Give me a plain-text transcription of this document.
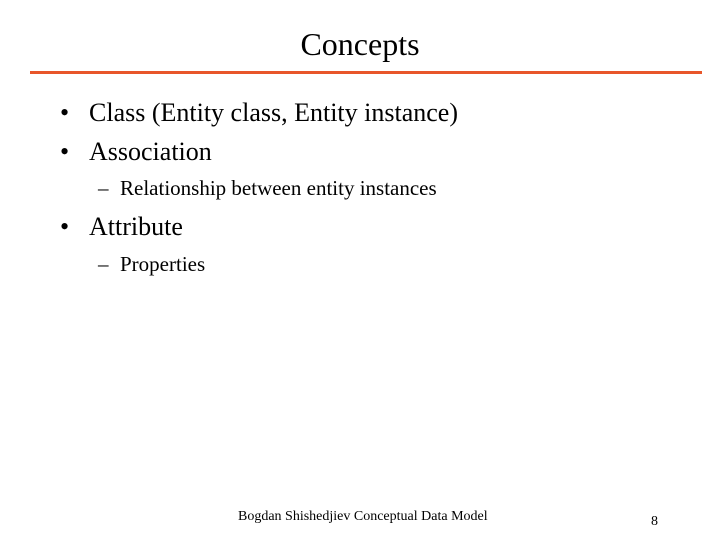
Concepts
• Class (Entity class, Entity instance)
• Association
– Relationship between entity instances
• Attribute
– Properties
Bogdan Shishedjiev Conceptual Data Model	8
